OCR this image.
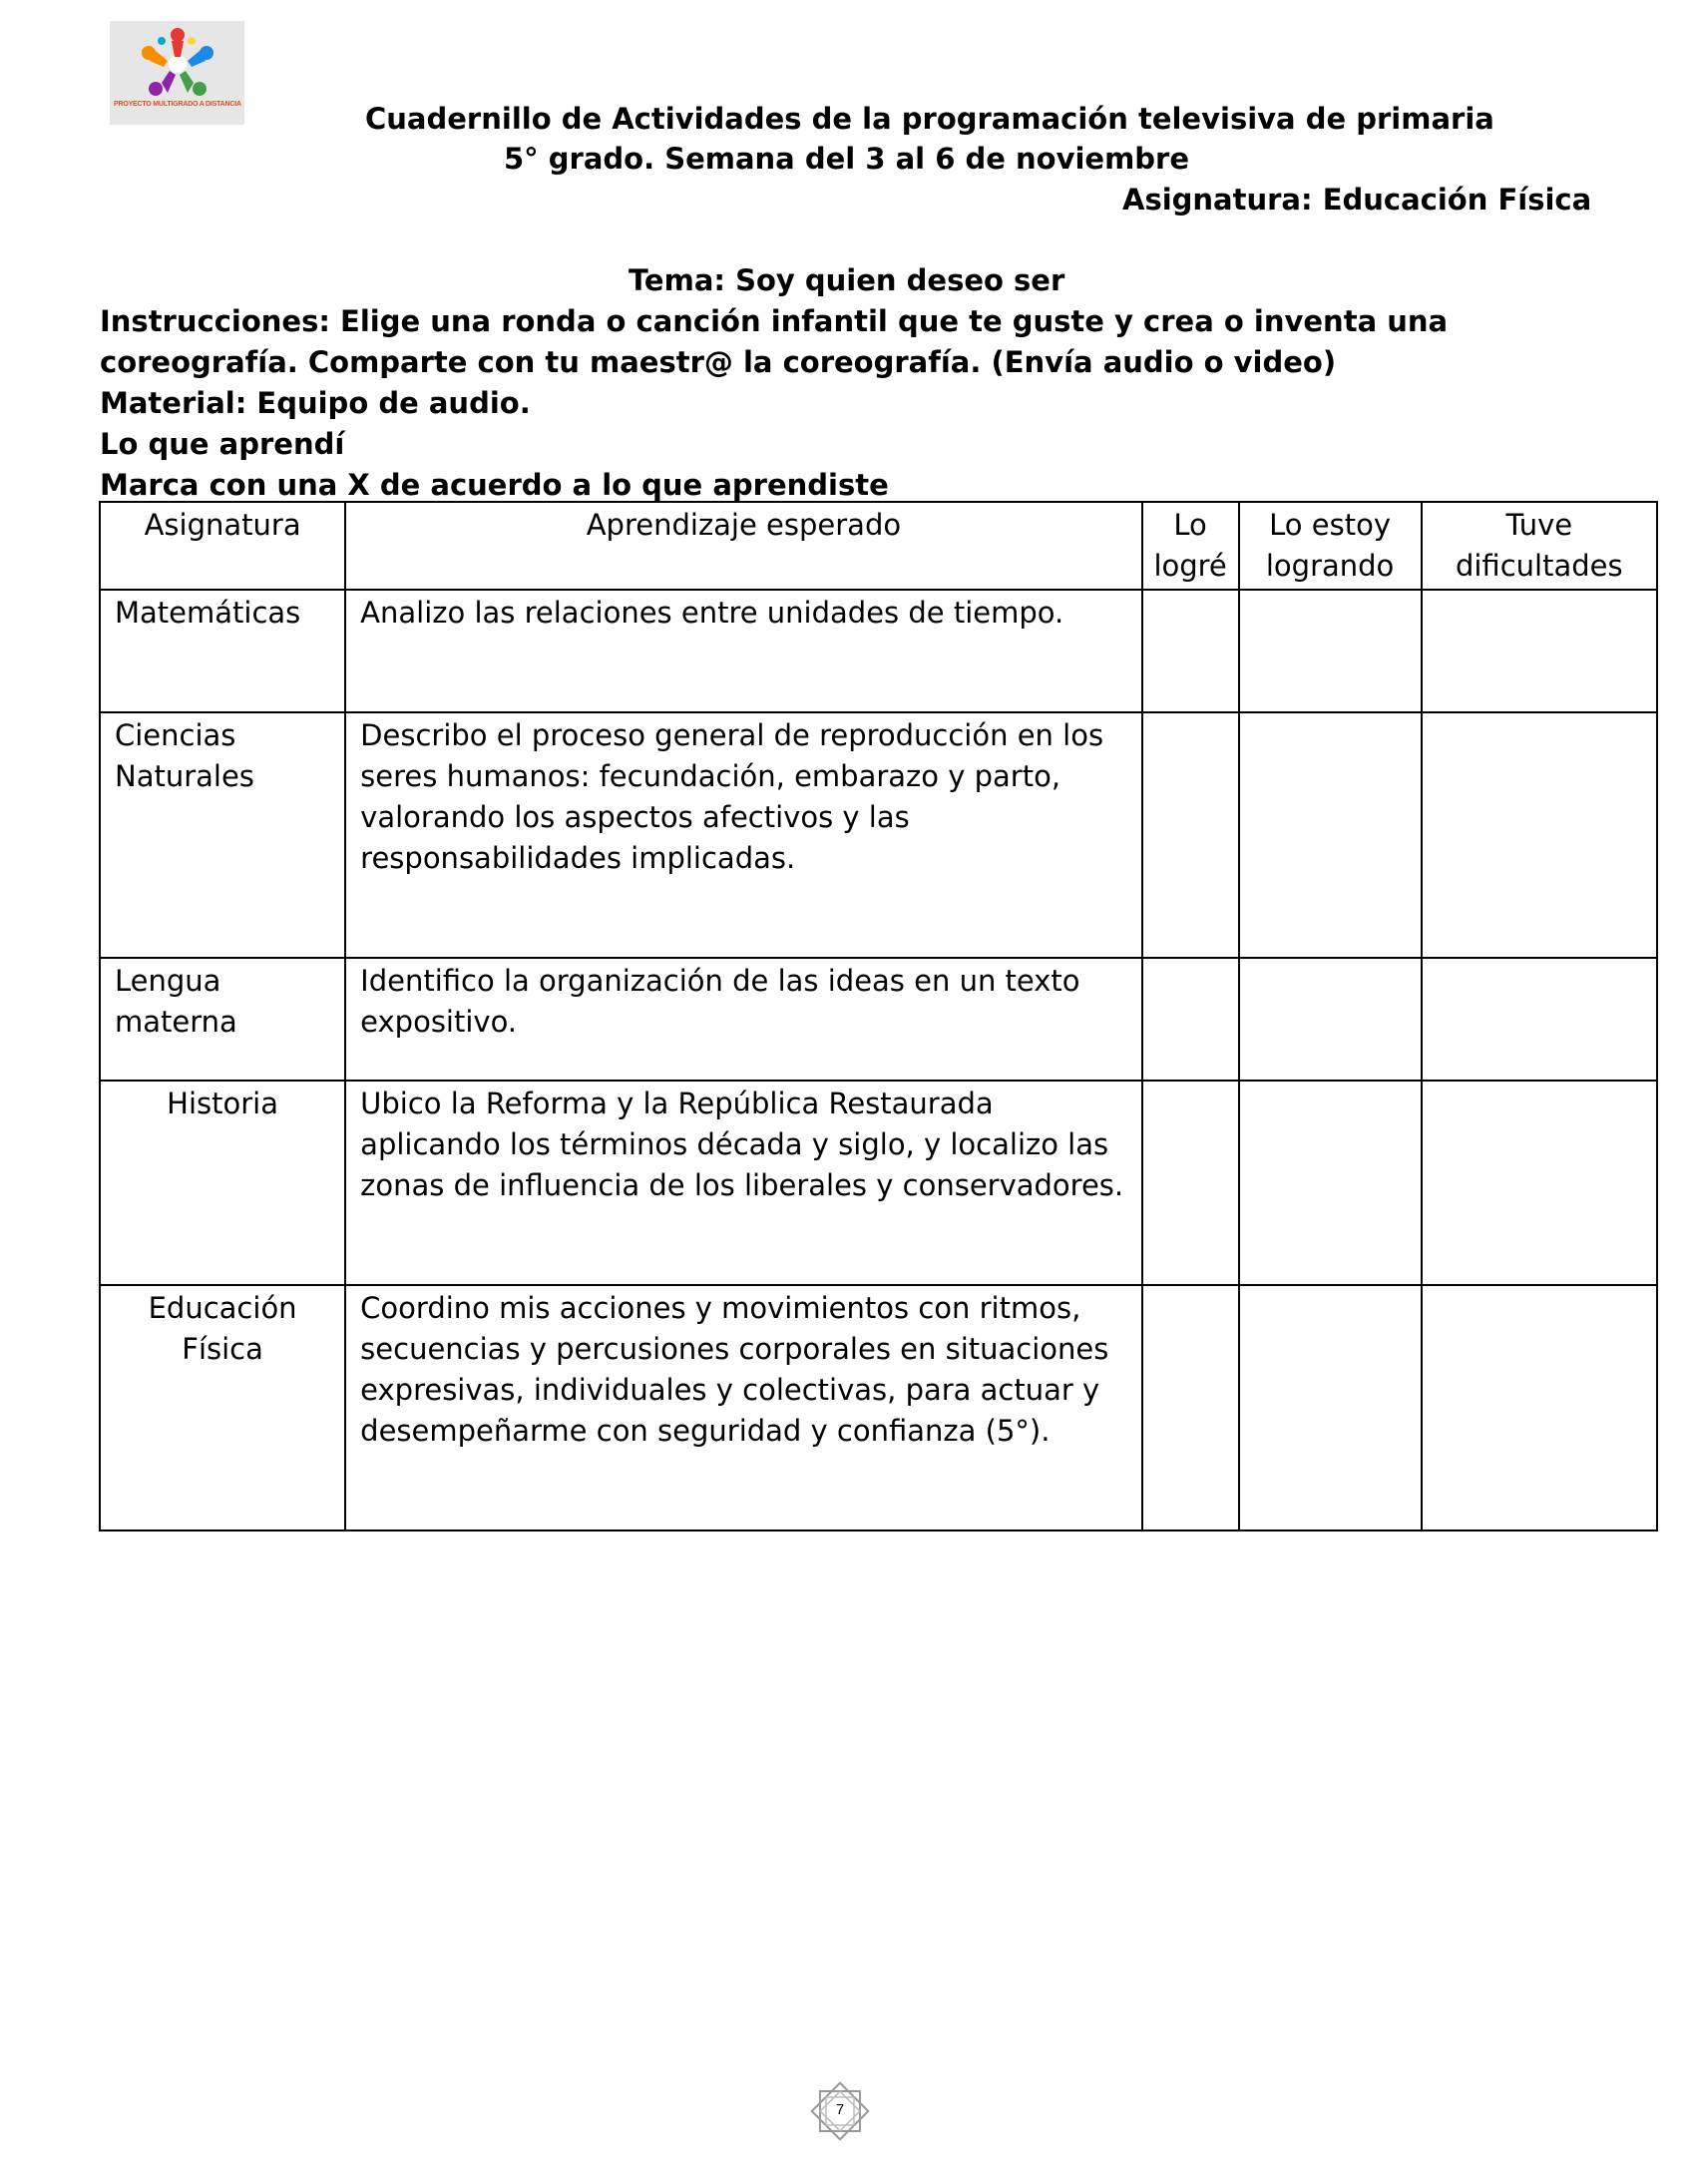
PROYECTO MULTIGRADO A DISTANCIA	Cuadernillo de Actividades de la programación televisiva de primaria
5° grado. Semana del 3 al 6 de noviembre
Asignatura: Educación Física
Tema: Soy quien deseo ser
Instrucciones: Elige una ronda o canción infantil que te guste y crea o inventa una
coreografía. Comparte con tu maestr@ la coreografía. (Envía audio o video)
Material: Equipo de audio.
Lo que aprendí
Marca con una X de acuerdo a lo que aprendiste
Asignatura	Aprendizaje esperado	Lo logré	Lo estoy logrando	Tuve dificultades
Matemáticas	Analizo las relaciones entre unidades de tiempo.			
Ciencias Naturales	Describo el proceso general de reproducción en los seres humanos: fecundación, embarazo y parto, valorando los aspectos afectivos y las responsabilidades implicadas.			
Lengua materna	Identifico la organización de las ideas en un texto expositivo.			
Historia	Ubico la Reforma y la República Restaurada aplicando los términos década y siglo, y localizo las zonas de influencia de los liberales y conservadores.			
Educación Física	Coordino mis acciones y movimientos con ritmos, secuencias y percusiones corporales en situaciones expresivas, individuales y colectivas, para actuar y desempeñarme con seguridad y confianza (5°).			
7
